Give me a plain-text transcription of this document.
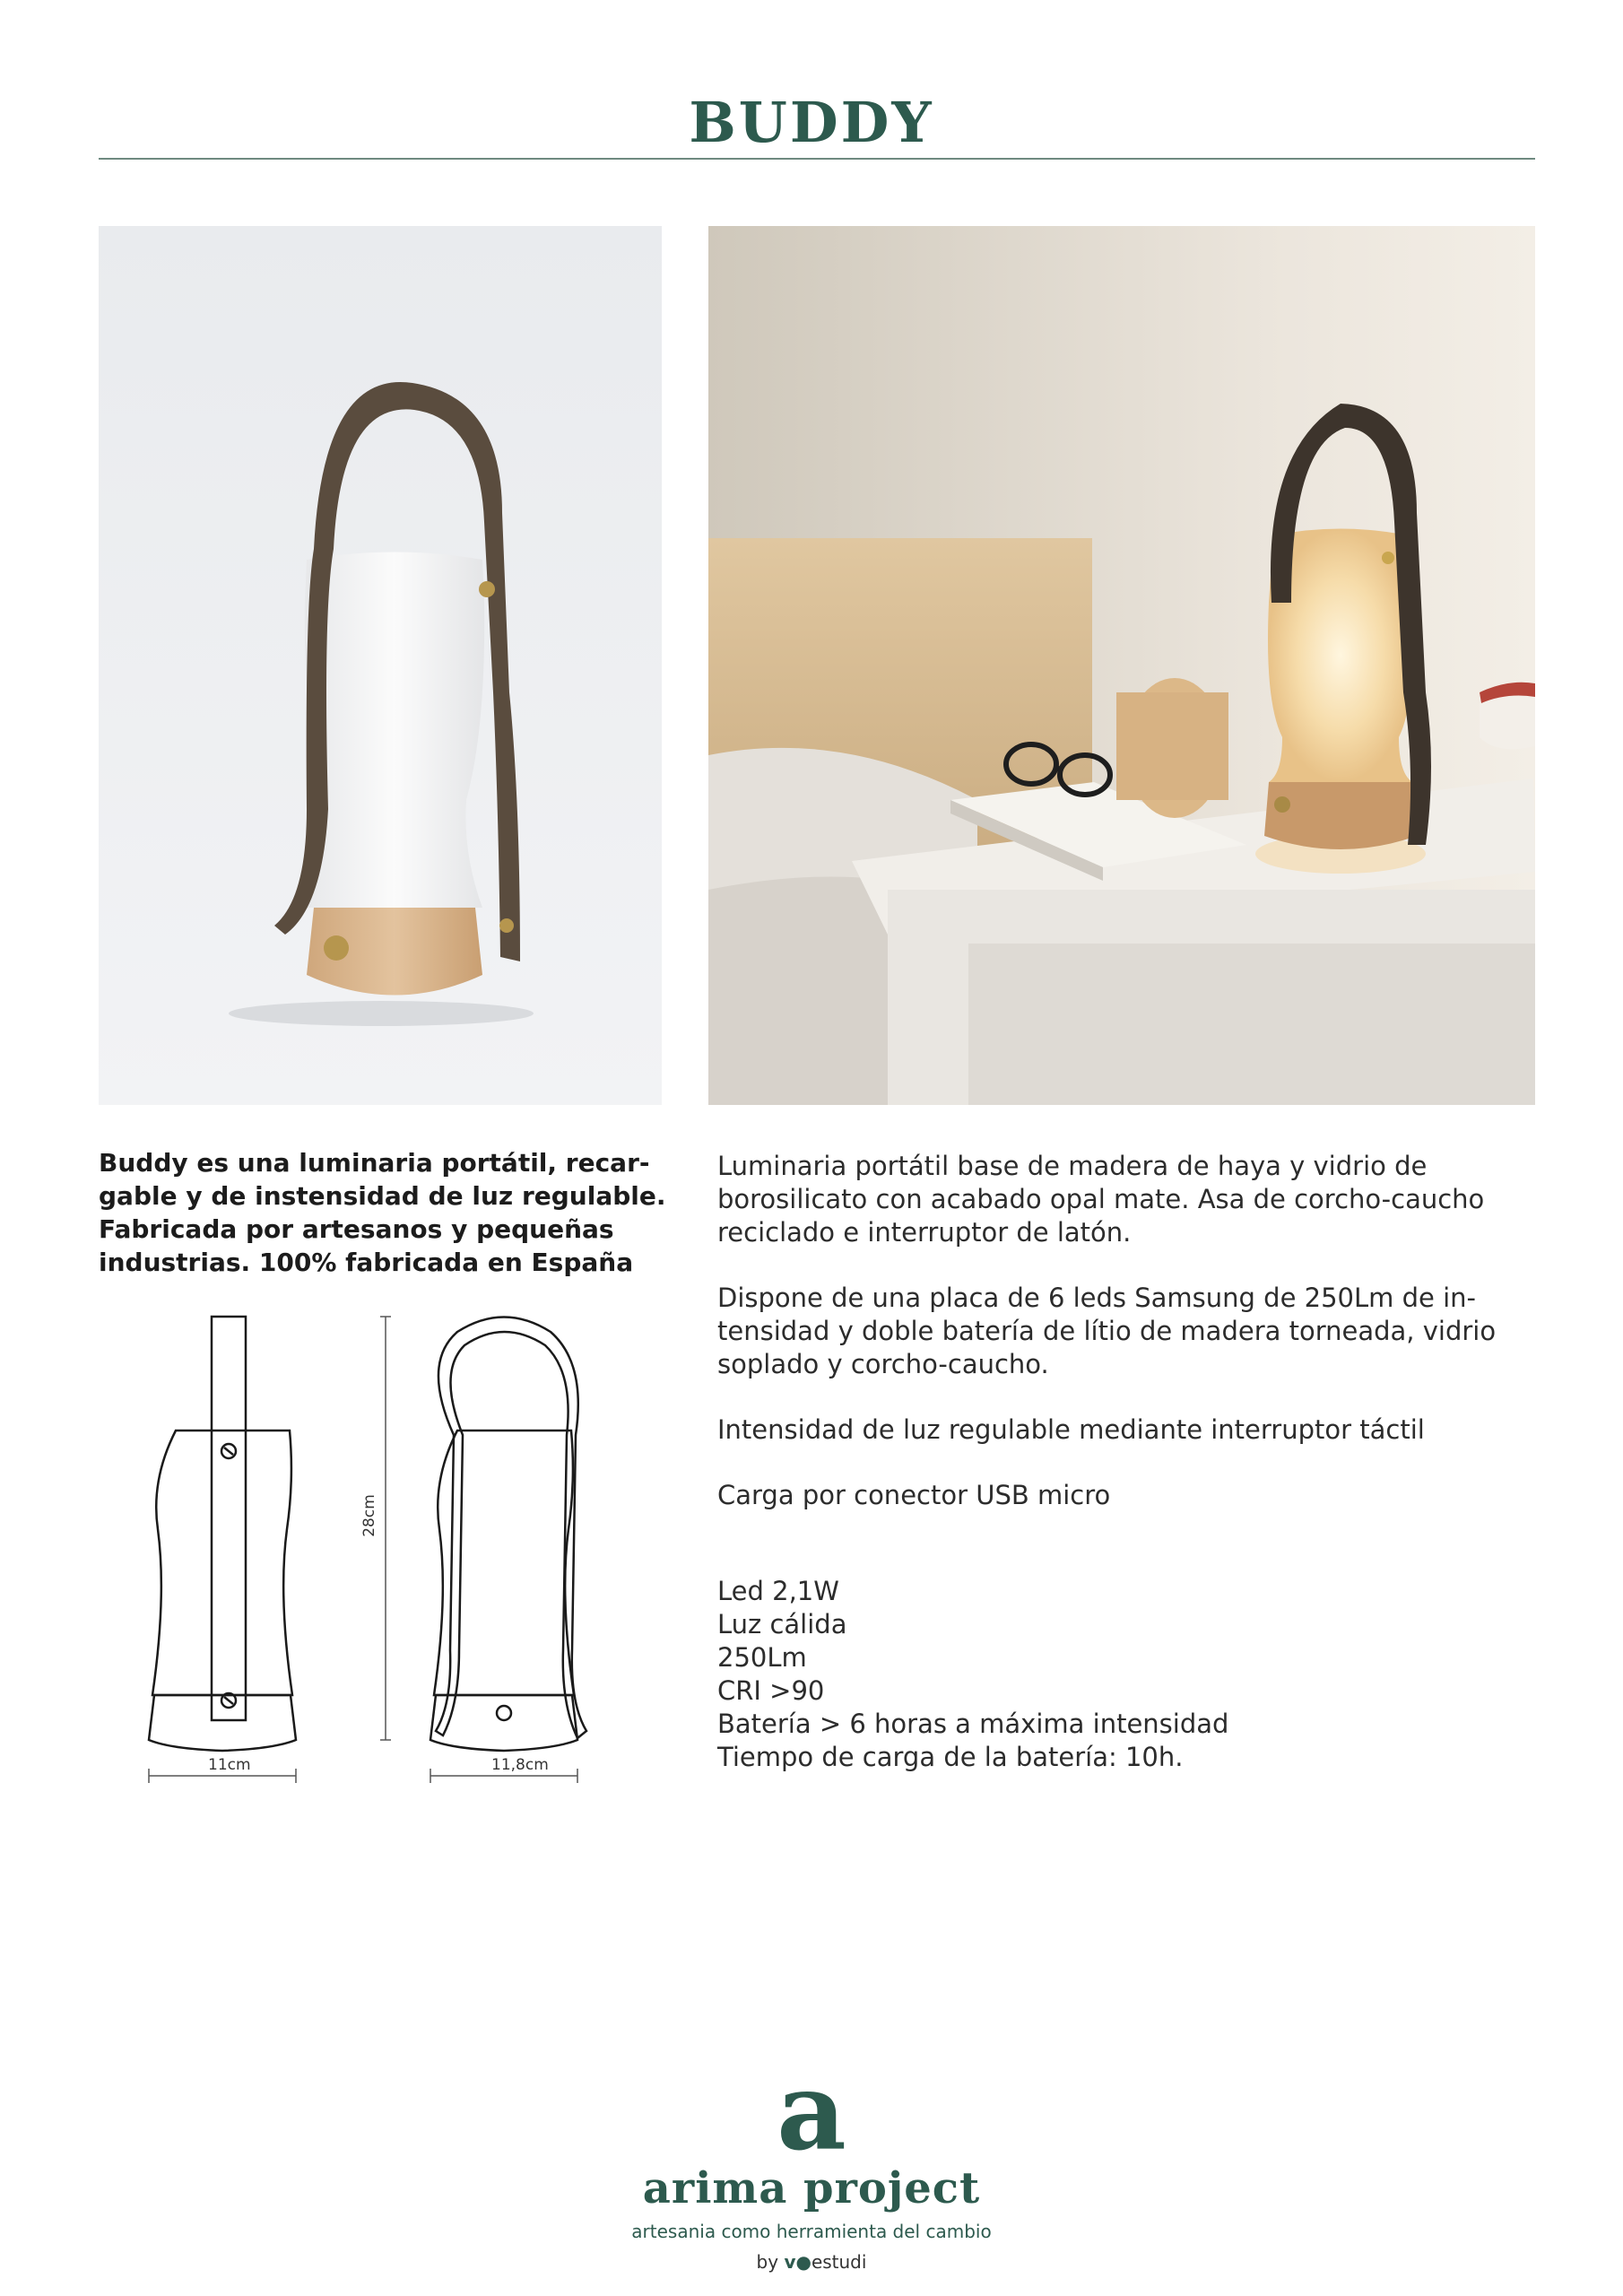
BUDDY

Buddy es una luminaria portátil, recar-gable y de instensidad de luz regulable. Fabricada por artesanos y pequeñas industrias. 100% fabricada en España

Luminaria portátil base de madera de haya y vidrio de borosilicato con acabado opal mate. Asa de corcho-caucho reciclado e interruptor de latón.

Dispone de una placa de 6 leds Samsung de 250Lm de in-tensidad y doble batería de lítio de madera torneada, vidrio soplado y corcho-caucho.

Intensidad de luz regulable mediante interruptor táctil

Carga por conector USB micro

Led 2,1W
Luz cálida
250Lm
CRI >90
Batería > 6 horas a máxima intensidad
Tiempo de carga de la batería: 10h.

11cm	11,8cm
28cm
a
arima project
artesania como herramienta del cambio
by v●estudi
